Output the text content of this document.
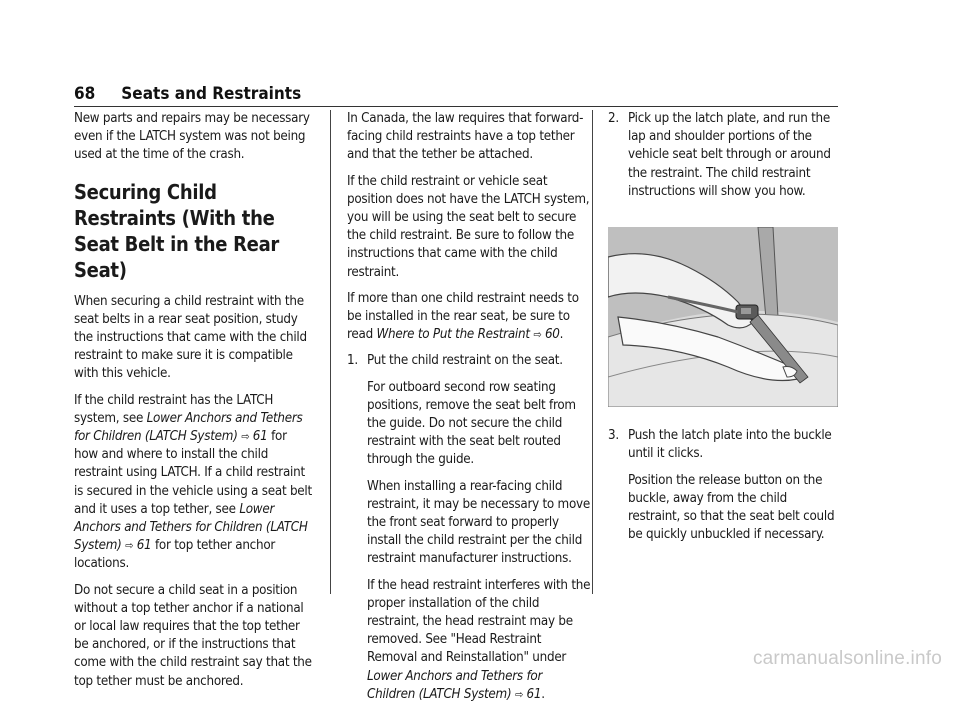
68 Seats and Restraints

New parts and repairs may be necessary even if the LATCH system was not being used at the time of the crash.

Securing Child Restraints (With the Seat Belt in the Rear Seat)

When securing a child restraint with the seat belts in a rear seat position, study the instructions that came with the child restraint to make sure it is compatible with this vehicle.

If the child restraint has the LATCH system, see Lower Anchors and Tethers for Children (LATCH System) ⇨ 61 for how and where to install the child restraint using LATCH. If a child restraint is secured in the vehicle using a seat belt and it uses a top tether, see Lower Anchors and Tethers for Children (LATCH System) ⇨ 61 for top tether anchor locations.

Do not secure a child seat in a position without a top tether anchor if a national or local law requires that the top tether be anchored, or if the instructions that come with the child restraint say that the top tether must be anchored.

In Canada, the law requires that forward-facing child restraints have a top tether and that the tether be attached.

If the child restraint or vehicle seat position does not have the LATCH system, you will be using the seat belt to secure the child restraint. Be sure to follow the instructions that came with the child restraint.

If more than one child restraint needs to be installed in the rear seat, be sure to read Where to Put the Restraint ⇨ 60.

1. Put the child restraint on the seat.

For outboard second row seating positions, remove the seat belt from the guide. Do not secure the child restraint with the seat belt routed through the guide.

When installing a rear-facing child restraint, it may be necessary to move the front seat forward to properly install the child restraint per the child restraint manufacturer instructions.

If the head restraint interferes with the proper installation of the child restraint, the head restraint may be removed. See "Head Restraint Removal and Reinstallation" under Lower Anchors and Tethers for Children (LATCH System) ⇨ 61.

2. Pick up the latch plate, and run the lap and shoulder portions of the vehicle seat belt through or around the restraint. The child restraint instructions will show you how.
3. Push the latch plate into the buckle until it clicks.

Position the release button on the buckle, away from the child restraint, so that the seat belt could be quickly unbuckled if necessary.

carmanualsonline.info
